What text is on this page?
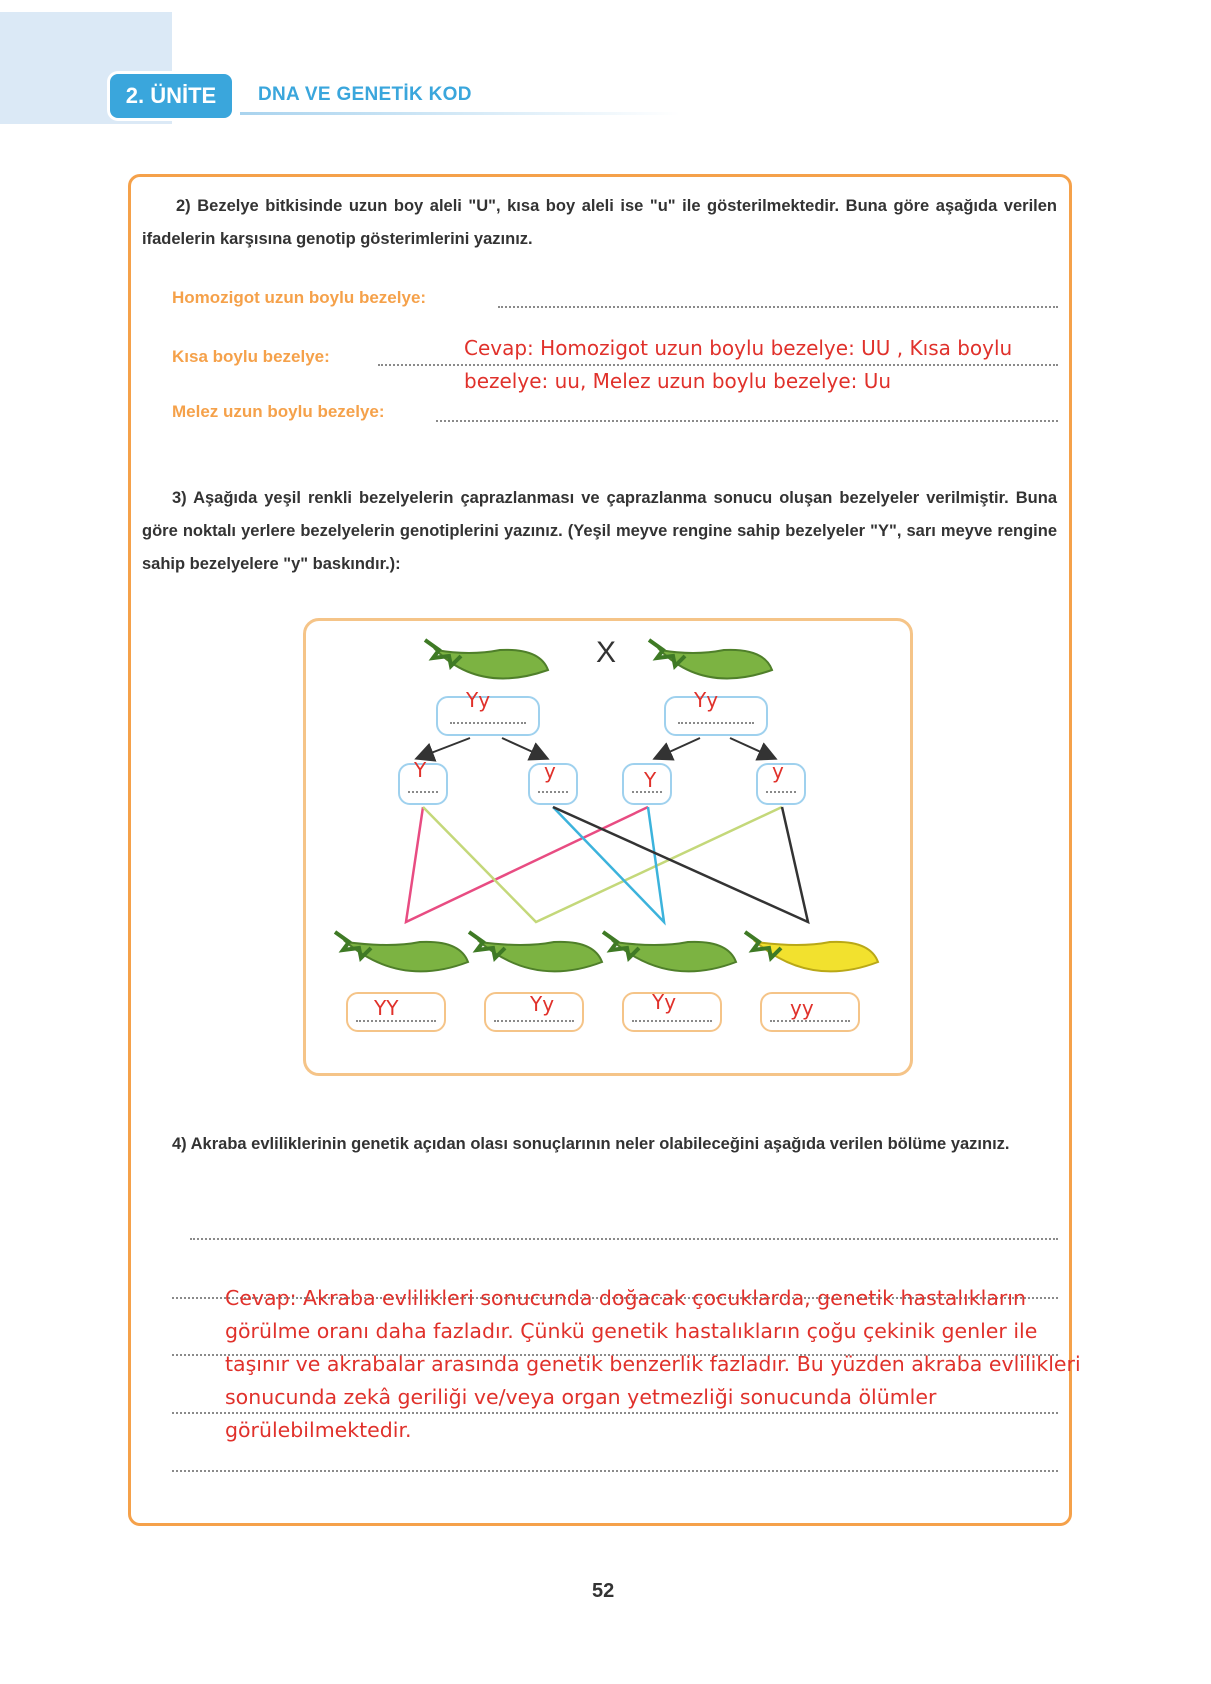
2. ÜNİTE	DNA VE GENETİK KOD
2) Bezelye bitkisinde uzun boy aleli "U", kısa boy aleli ise "u" ile gösterilmektedir. Buna göre aşağıda verilen ifadelerin karşısına genotip gösterimlerini yazınız.
Homozigot uzun boylu bezelye:
Kısa boylu bezelye:
Melez uzun boylu bezelye:
Cevap: Homozigot uzun boylu bezelye: UU , Kısa boylu bezelye: uu, Melez uzun boylu bezelye: Uu
3) Aşağıda yeşil renkli bezelyelerin çaprazlanması ve çaprazlanma sonucu oluşan bezelyeler verilmiştir. Buna göre noktalı yerlere bezelyelerin genotiplerini yazınız. (Yeşil meyve rengine sahip bezelyeler "Y", sarı meyve rengine sahip bezelyelere "y" baskındır.):
X
Yy	Yy
Y	y	Y	y
YY	Yy	Yy	yy
4) Akraba evliliklerinin genetik açıdan olası sonuçlarının neler olabileceğini aşağıda verilen bölüme yazınız.
Cevap: Akraba evlilikleri sonucunda doğacak çocuklarda, genetik hastalıkların görülme oranı daha fazladır. Çünkü genetik hastalıkların çoğu çekinik genler ile taşınır ve akrabalar arasında genetik benzerlik fazladır. Bu yüzden akraba evlilikleri sonucunda zekâ geriliği ve/veya organ yetmezliği sonucunda ölümler görülebilmektedir.
52
